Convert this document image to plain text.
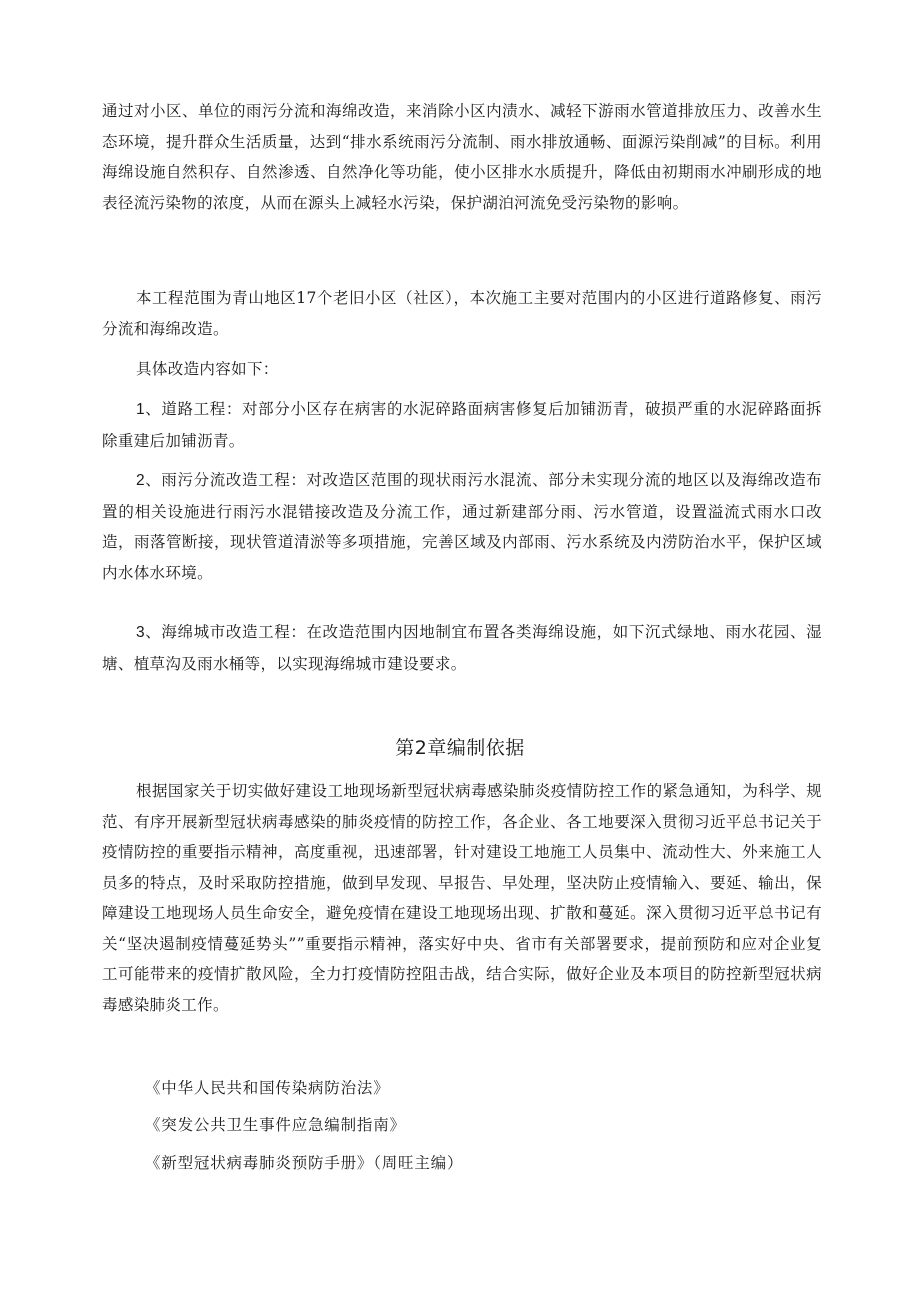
通过对小区、单位的雨污分流和海绵改造，来消除小区内渍水、减轻下游雨水管道排放压力、改善水生态环境，提升群众生活质量，达到“排水系统雨污分流制、雨水排放通畅、面源污染削减”的目标。利用海绵设施自然积存、自然渗透、自然净化等功能，使小区排水水质提升，降低由初期雨水冲刷形成的地表径流污染物的浓度，从而在源头上减轻水污染，保护湖泊河流免受污染物的影响。

本工程范围为青山地区17个老旧小区（社区），本次施工主要对范围内的小区进行道路修复、雨污分流和海绵改造。

具体改造内容如下：

1、道路工程：对部分小区存在病害的水泥碎路面病害修复后加铺沥青，破损严重的水泥碎路面拆除重建后加铺沥青。

2、雨污分流改造工程：对改造区范围的现状雨污水混流、部分未实现分流的地区以及海绵改造布置的相关设施进行雨污水混错接改造及分流工作，通过新建部分雨、污水管道，设置溢流式雨水口改造，雨落管断接，现状管道清淤等多项措施，完善区域及内部雨、污水系统及内涝防治水平，保护区域内水体水环境。

3、海绵城市改造工程：在改造范围内因地制宜布置各类海绵设施，如下沉式绿地、雨水花园、湿塘、植草沟及雨水桶等，以实现海绵城市建设要求。

第2章编制依据

根据国家关于切实做好建设工地现场新型冠状病毒感染肺炎疫情防控工作的紧急通知，为科学、规范、有序开展新型冠状病毒感染的肺炎疫情的防控工作，各企业、各工地要深入贯彻习近平总书记关于疫情防控的重要指示精神，高度重视，迅速部署，针对建设工地施工人员集中、流动性大、外来施工人员多的特点，及时采取防控措施，做到早发现、早报告、早处理，坚决防止疫情输入、要延、输出，保障建设工地现场人员生命安全，避免疫情在建设工地现场出现、扩散和蔓延。深入贯彻习近平总书记有关“坚决遏制疫情蔓延势头””重要指示精神，落实好中央、省市有关部署要求，提前预防和应对企业复工可能带来的疫情扩散风险，全力打疫情防控阻击战，结合实际，做好企业及本项目的防控新型冠状病毒感染肺炎工作。

《中华人民共和国传染病防治法》

《突发公共卫生事件应急编制指南》

《新型冠状病毒肺炎预防手册》（周旺主编）
